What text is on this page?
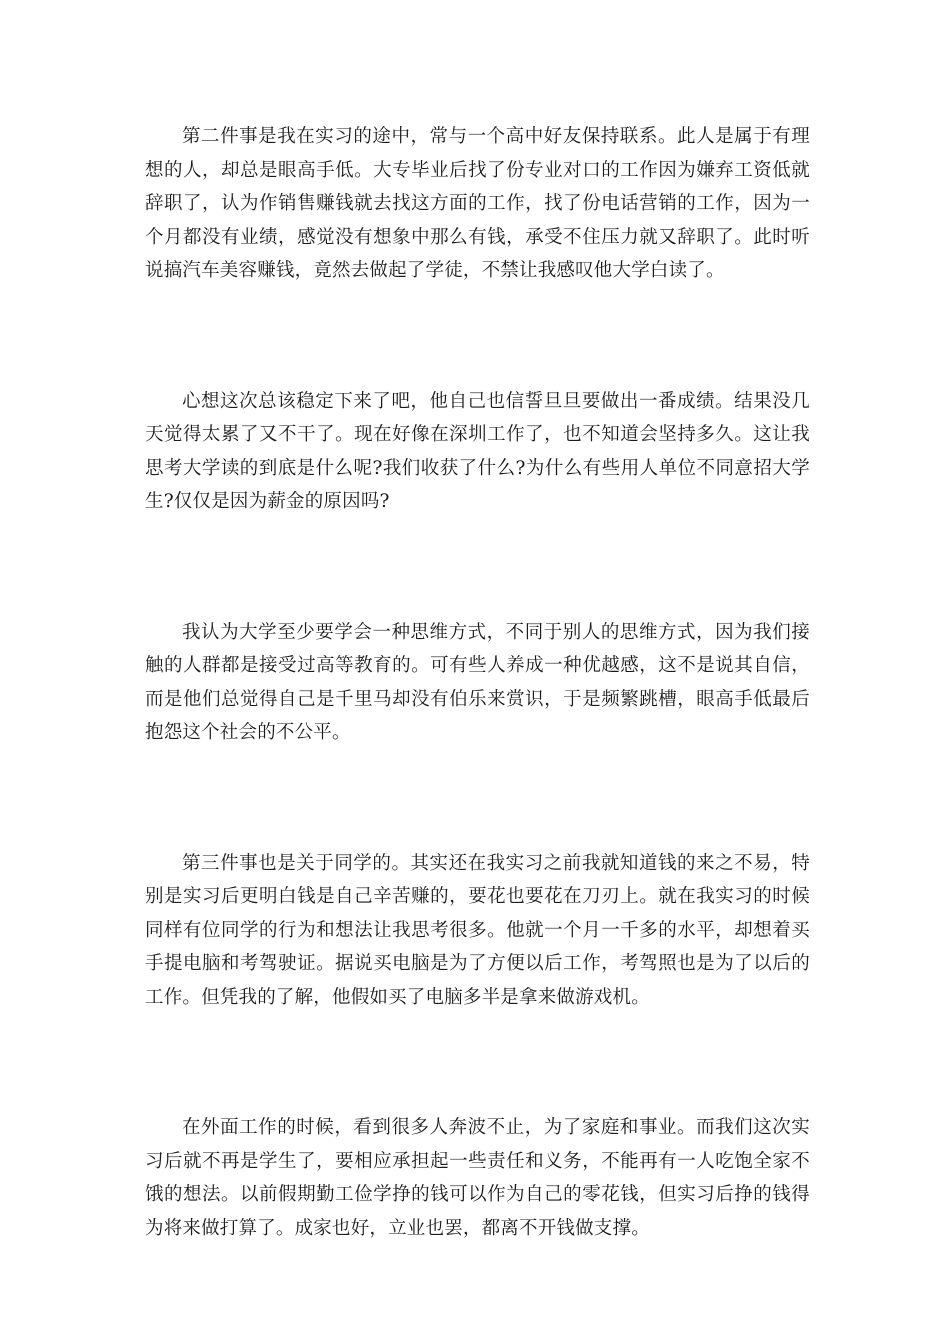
第二件事是我在实习的途中，常与一个高中好友保持联系。此人是属于有理想的人，却总是眼高手低。大专毕业后找了份专业对口的工作因为嫌弃工资低就辞职了，认为作销售赚钱就去找这方面的工作，找了份电话营销的工作，因为一个月都没有业绩，感觉没有想象中那么有钱，承受不住压力就又辞职了。此时听说搞汽车美容赚钱，竟然去做起了学徒，不禁让我感叹他大学白读了。

心想这次总该稳定下来了吧，他自己也信誓旦旦要做出一番成绩。结果没几天觉得太累了又不干了。现在好像在深圳工作了，也不知道会坚持多久。这让我思考大学读的到底是什么呢?我们收获了什么?为什么有些用人单位不同意招大学生?仅仅是因为薪金的原因吗?

我认为大学至少要学会一种思维方式，不同于别人的思维方式，因为我们接触的人群都是接受过高等教育的。可有些人养成一种优越感，这不是说其自信，而是他们总觉得自己是千里马却没有伯乐来赏识，于是频繁跳槽，眼高手低最后抱怨这个社会的不公平。

第三件事也是关于同学的。其实还在我实习之前我就知道钱的来之不易，特别是实习后更明白钱是自己辛苦赚的，要花也要花在刀刃上。就在我实习的时候同样有位同学的行为和想法让我思考很多。他就一个月一千多的水平，却想着买手提电脑和考驾驶证。据说买电脑是为了方便以后工作，考驾照也是为了以后的工作。但凭我的了解，他假如买了电脑多半是拿来做游戏机。

在外面工作的时候，看到很多人奔波不止，为了家庭和事业。而我们这次实习后就不再是学生了，要相应承担起一些责任和义务，不能再有一人吃饱全家不饿的想法。以前假期勤工俭学挣的钱可以作为自己的零花钱，但实习后挣的钱得为将来做打算了。成家也好，立业也罢，都离不开钱做支撑。
